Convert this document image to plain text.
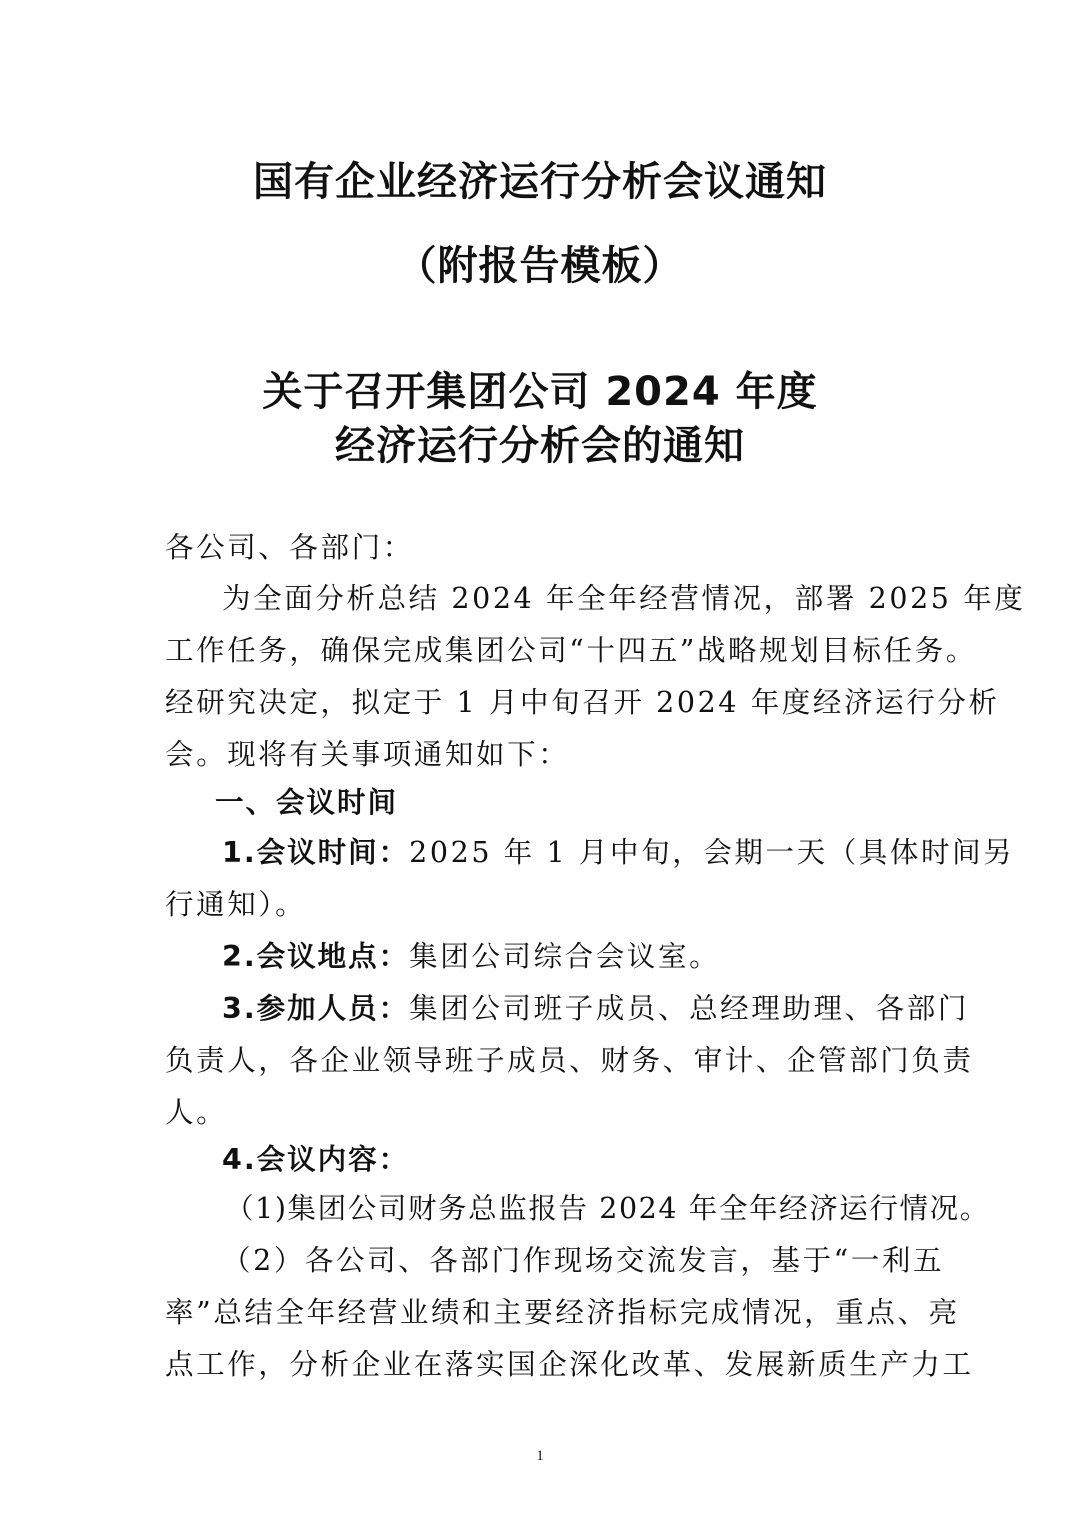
国有企业经济运行分析会议通知
（附报告模板）
关于召开集团公司 2024 年度
经济运行分析会的通知
各公司、各部门：
为全面分析总结 2024 年全年经营情况，部署 2025 年度
工作任务，确保完成集团公司“十四五”战略规划目标任务。
经研究决定，拟定于 1 月中旬召开 2024 年度经济运行分析
会。现将有关事项通知如下：
一、会议时间
1.会议时间：2025 年 1 月中旬，会期一天（具体时间另
行通知）。
2.会议地点：集团公司综合会议室。
3.参加人员：集团公司班子成员、总经理助理、各部门
负责人，各企业领导班子成员、财务、审计、企管部门负责
人。
4.会议内容：
（1)集团公司财务总监报告 2024 年全年经济运行情况。
（2）各公司、各部门作现场交流发言，基于“一利五
率”总结全年经营业绩和主要经济指标完成情况，重点、亮
点工作，分析企业在落实国企深化改革、发展新质生产力工
1
